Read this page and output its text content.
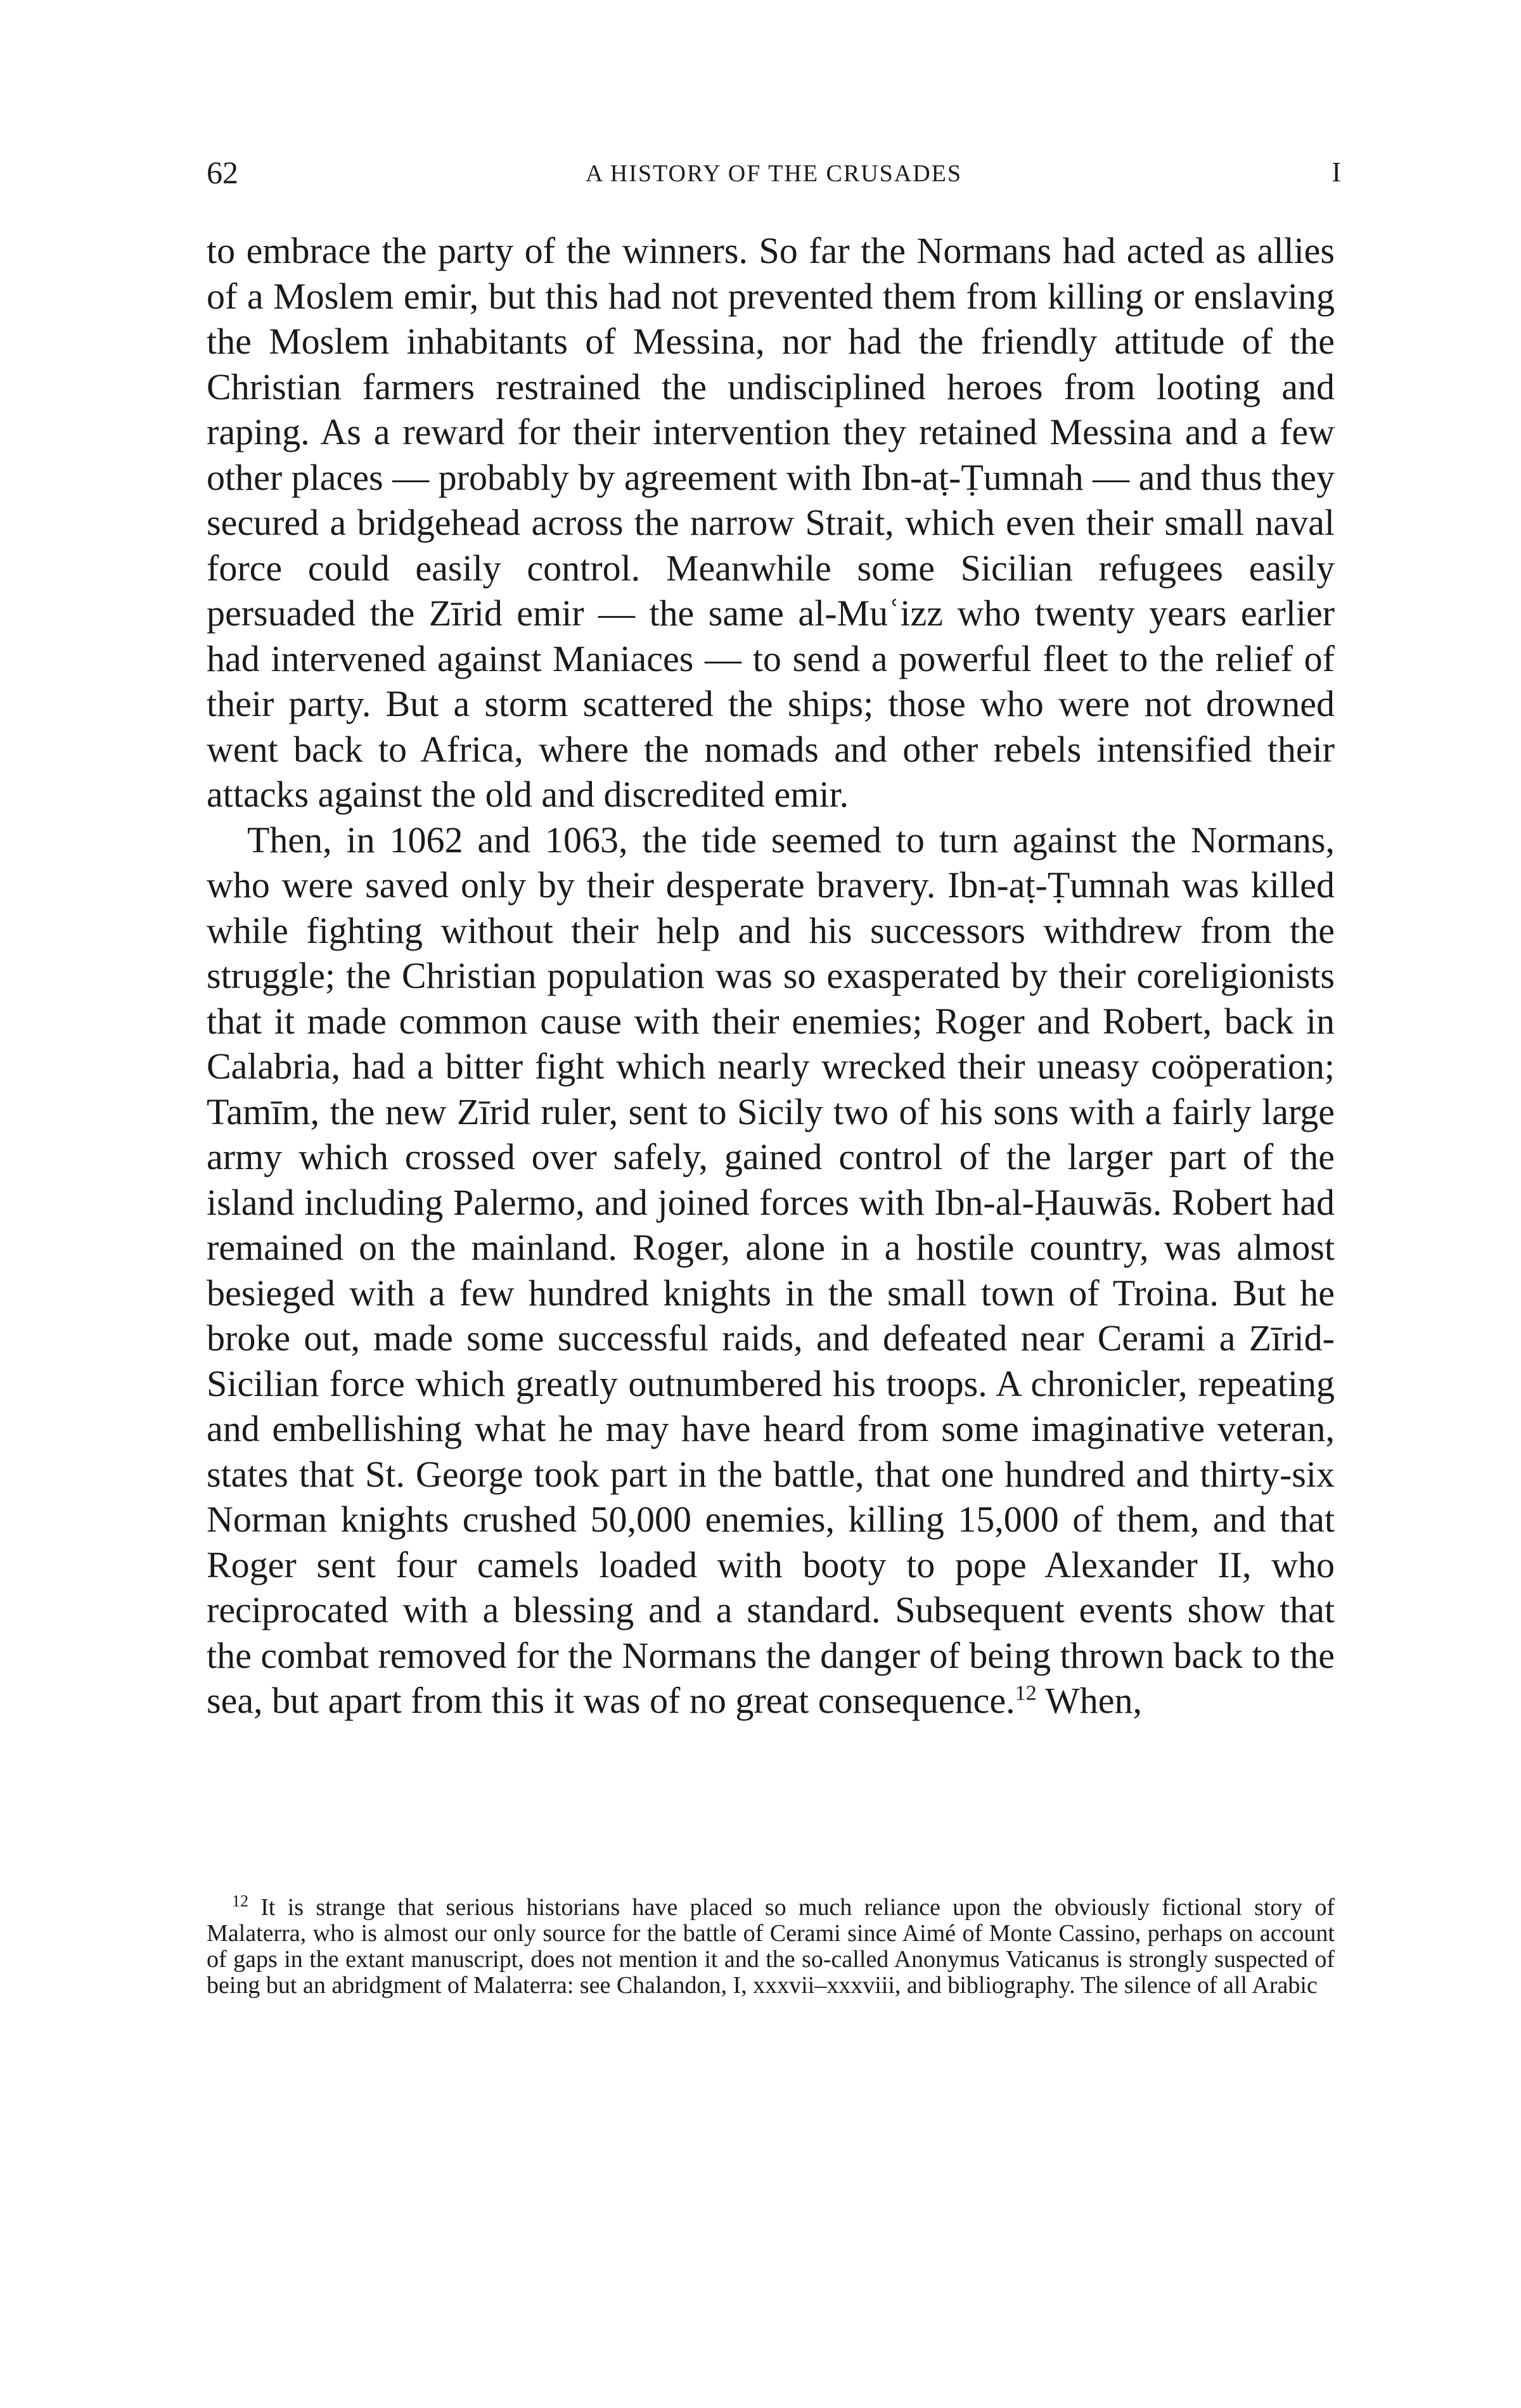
62	A HISTORY OF THE CRUSADES	I

to embrace the party of the winners. So far the Normans had acted as allies of a Moslem emir, but this had not prevented them from killing or enslaving the Moslem inhabitants of Messina, nor had the friendly attitude of the Christian farmers restrained the undisciplined heroes from looting and raping. As a reward for their intervention they retained Messina and a few other places — probably by agreement with Ibn-aṭ-Ṭumnah — and thus they secured a bridgehead across the narrow Strait, which even their small naval force could easily control. Meanwhile some Sicilian refugees easily persuaded the Zīrid emir — the same al-Muʿizz who twenty years earlier had intervened against Maniaces — to send a powerful fleet to the relief of their party. But a storm scattered the ships; those who were not drowned went back to Africa, where the nomads and other rebels intensified their attacks against the old and discredited emir.

Then, in 1062 and 1063, the tide seemed to turn against the Normans, who were saved only by their desperate bravery. Ibn-aṭ-Ṭumnah was killed while fighting without their help and his successors withdrew from the struggle; the Christian population was so exasperated by their coreligionists that it made common cause with their enemies; Roger and Robert, back in Calabria, had a bitter fight which nearly wrecked their uneasy coöperation; Tamīm, the new Zīrid ruler, sent to Sicily two of his sons with a fairly large army which crossed over safely, gained control of the larger part of the island including Palermo, and joined forces with Ibn-al-Ḥauwās. Robert had remained on the mainland. Roger, alone in a hostile country, was almost besieged with a few hundred knights in the small town of Troina. But he broke out, made some successful raids, and defeated near Cerami a Zīrid-Sicilian force which greatly outnumbered his troops. A chronicler, repeating and embellishing what he may have heard from some imaginative veteran, states that St. George took part in the battle, that one hundred and thirty-six Norman knights crushed 50,000 enemies, killing 15,000 of them, and that Roger sent four camels loaded with booty to pope Alexander II, who reciprocated with a blessing and a standard. Subsequent events show that the combat removed for the Normans the danger of being thrown back to the sea, but apart from this it was of no great consequence.$^{12}$ When,

$^{12}$ It is strange that serious historians have placed so much reliance upon the obviously fictional story of Malaterra, who is almost our only source for the battle of Cerami since Aimé of Monte Cassino, perhaps on account of gaps in the extant manuscript, does not mention it and the so-called Anonymus Vaticanus is strongly suspected of being but an abridgment of Malaterra: see Chalandon, I, xxxvii–xxxviii, and bibliography. The silence of all Arabic
